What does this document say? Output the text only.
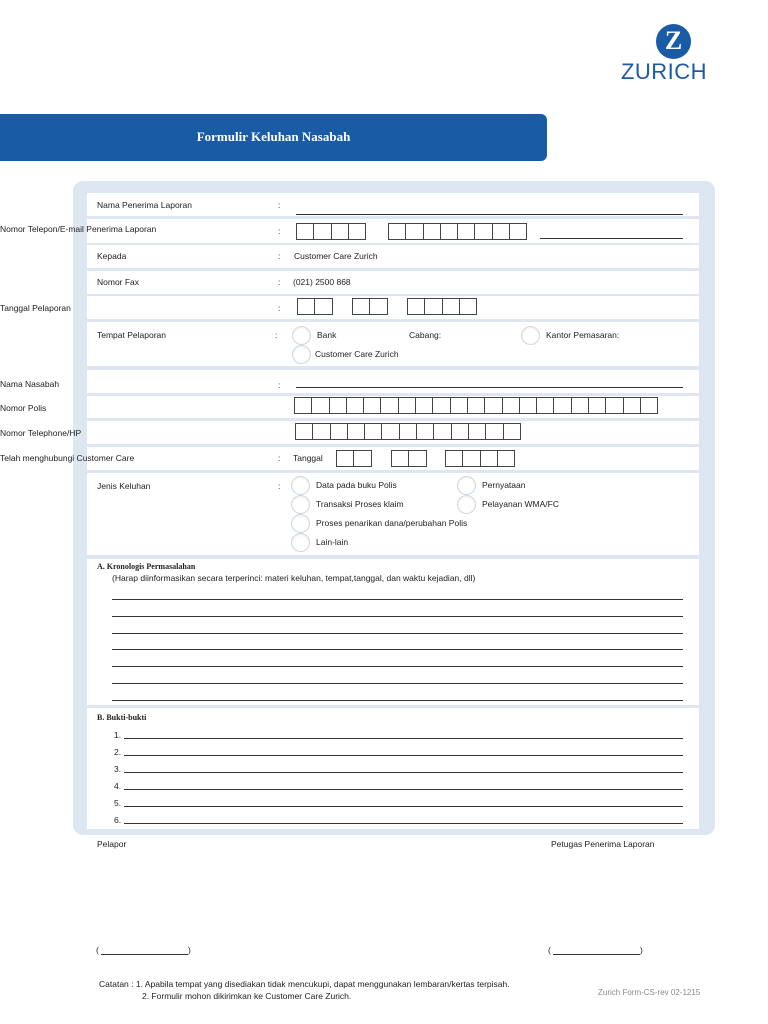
Z
ZURICH
Formulir Keluhan Nasabah
Nama Penerima Laporan	:
Nomor Telepon/E-mail Penerima Laporan	:
Kepada	: Customer Care Zurich
Nomor Fax	: (021) 2500 868
Tanggal Pelaporan	:
Tempat Pelaporan	:	Bank	Cabang:	Kantor Pemasaran:
Customer Care Zurich
Nama Nasabah	:
Nomor Polis
Nomor Telephone/HP
Telah menghubungi Customer Care	: Tanggal
Jenis Keluhan	:	Data pada buku Polis	Pernyataan
Transaksi Proses klaim	Pelayanan WMA/FC
Proses penarikan dana/perubahan Polis
Lain-lain
A. Kronologis Permasalahan
(Harap diinformasikan secara terperinci: materi keluhan, tempat,tanggal, dan waktu kejadian, dll)
B. Bukti-bukti
1.
2.
3.
4.
5.
6.
Pelapor	Petugas Penerima Laporan
(	)	(	)
Catatan : 1. Apabila tempat yang disediakan tidak mencukupi, dapat menggunakan lembaran/kertas terpisah.
2. Formulir mohon dikirimkan ke Customer Care Zurich.	Zurich Form-CS-rev 02-1215
